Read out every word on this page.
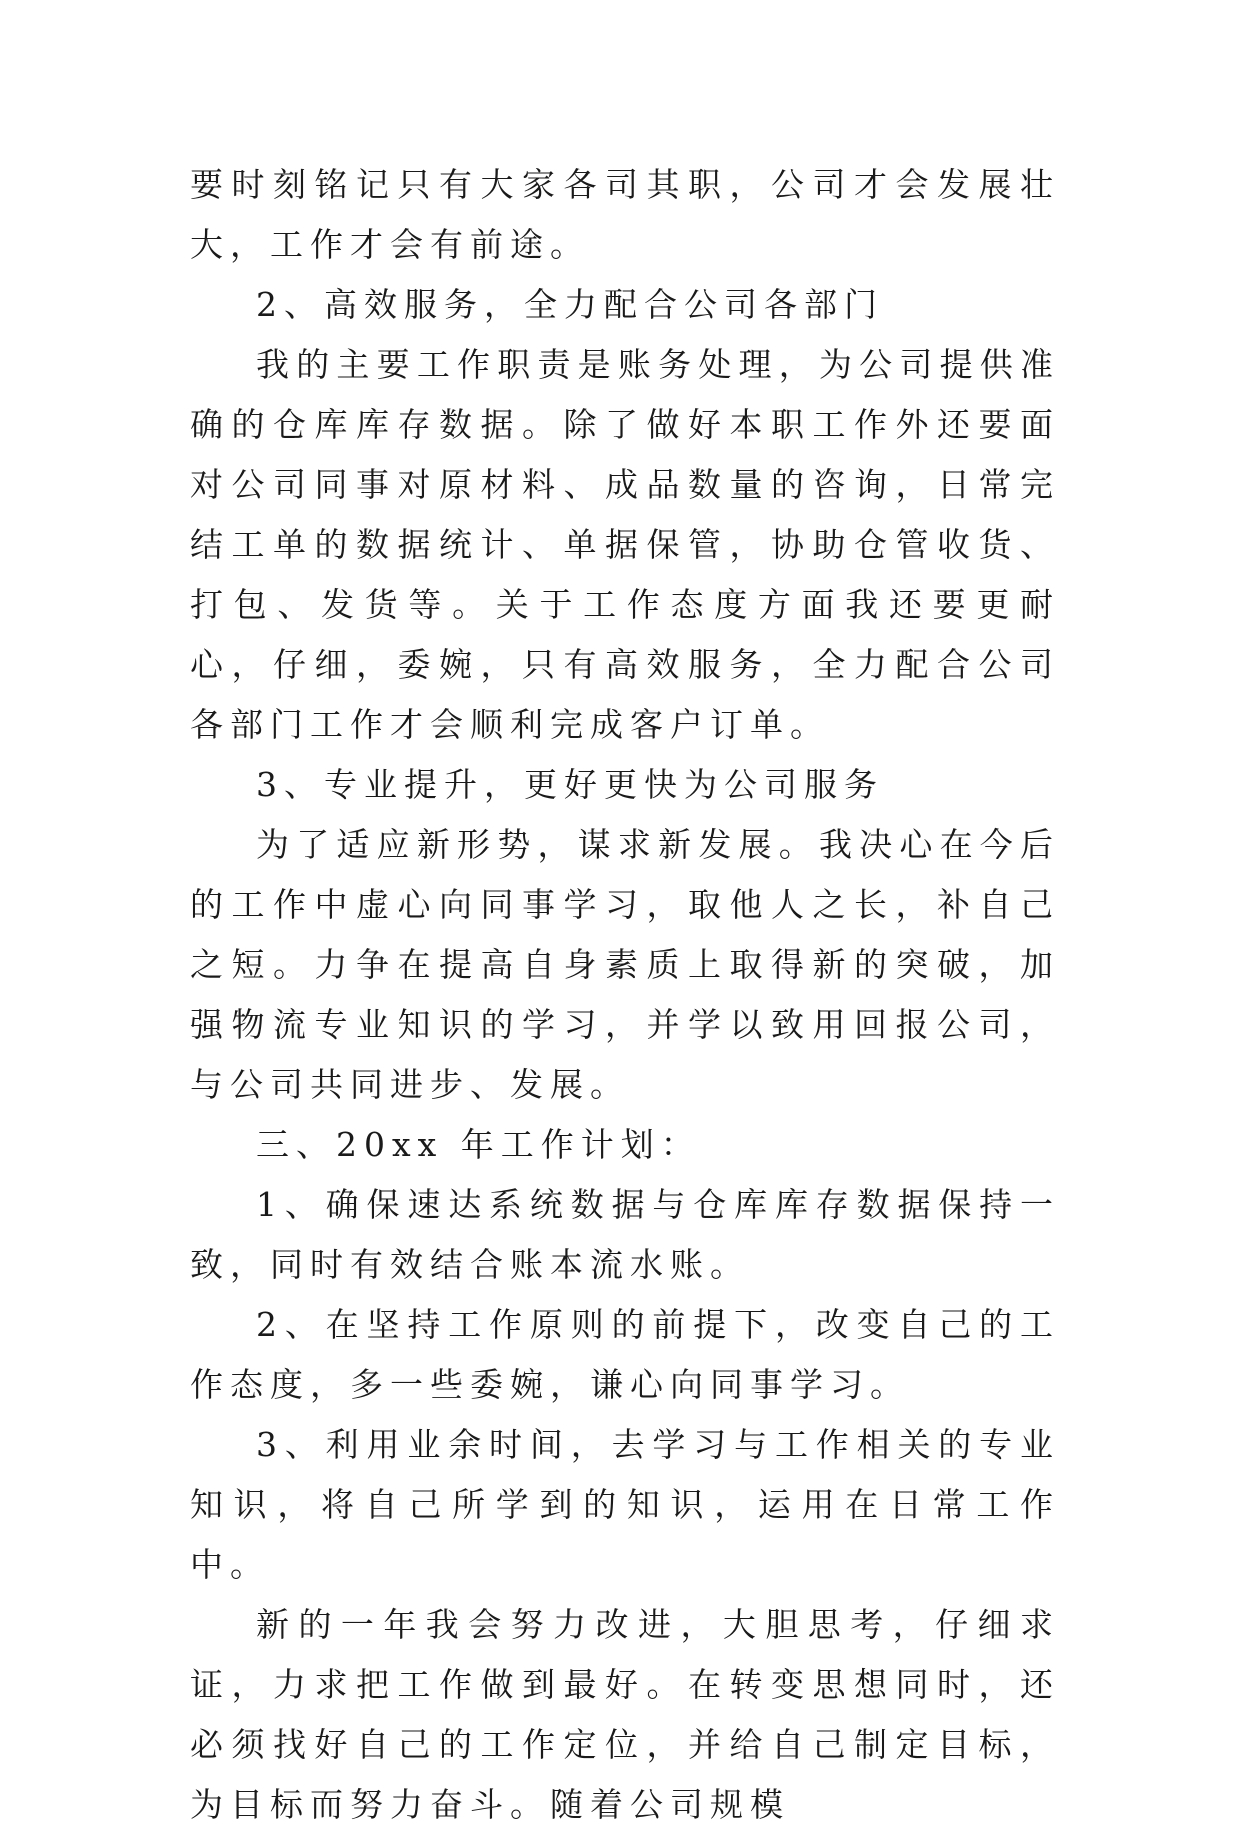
要时刻铭记只有大家各司其职，公司才会发展壮大，工作才会有前途。

2、高效服务，全力配合公司各部门

我的主要工作职责是账务处理，为公司提供准确的仓库库存数据。除了做好本职工作外还要面对公司同事对原材料、成品数量的咨询，日常完结工单的数据统计、单据保管，协助仓管收货、打包、发货等。关于工作态度方面我还要更耐心，仔细，委婉，只有高效服务，全力配合公司各部门工作才会顺利完成客户订单。

3、专业提升，更好更快为公司服务

为了适应新形势，谋求新发展。我决心在今后的工作中虚心向同事学习，取他人之长，补自己之短。力争在提高自身素质上取得新的突破，加强物流专业知识的学习，并学以致用回报公司，与公司共同进步、发展。

三、20xx 年工作计划：

1、确保速达系统数据与仓库库存数据保持一致，同时有效结合账本流水账。

2、在坚持工作原则的前提下，改变自己的工作态度，多一些委婉，谦心向同事学习。

3、利用业余时间，去学习与工作相关的专业知识，将自己所学到的知识，运用在日常工作中。

新的一年我会努力改进，大胆思考，仔细求证，力求把工作做到最好。在转变思想同时，还必须找好自己的工作定位，并给自己制定目标，为目标而努力奋斗。随着公司规模
